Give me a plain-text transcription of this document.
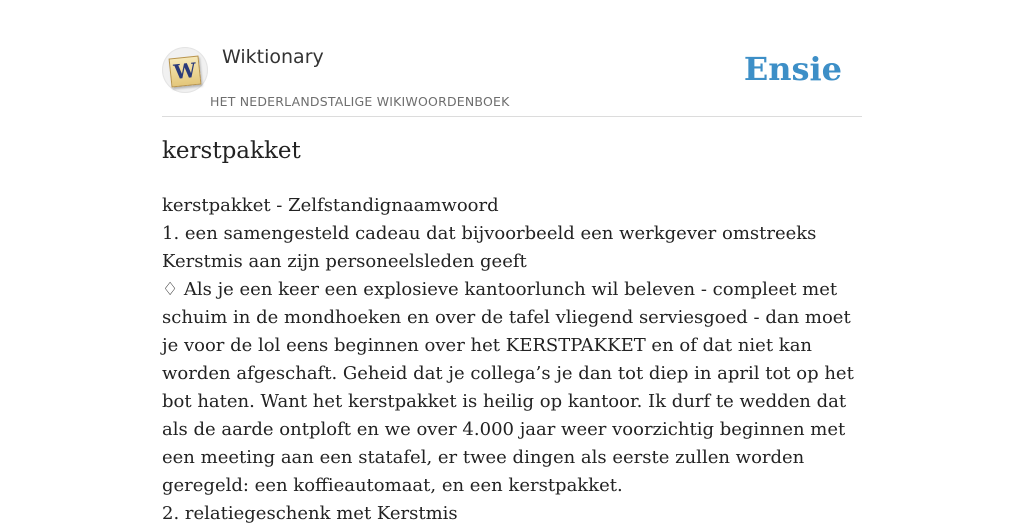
W
Wiktionary
HET NEDERLANDSTALIGE WIKIWOORDENBOEK
Ensie
kerstpakket
kerstpakket - Zelfstandignaamwoord
1. een samengesteld cadeau dat bijvoorbeeld een werkgever omstreeks Kerstmis aan zijn personeelsleden geeft
♢ Als je een keer een explosieve kantoorlunch wil beleven - compleet met schuim in de mondhoeken en over de tafel vliegend serviesgoed - dan moet je voor de lol eens beginnen over het KERSTPAKKET en of dat niet kan worden afgeschaft. Geheid dat je collega’s je dan tot diep in april tot op het bot haten. Want het kerstpakket is heilig op kantoor. Ik durf te wedden dat als de aarde ontploft en we over 4.000 jaar weer voorzichtig beginnen met een meeting aan een statafel, er twee dingen als eerste zullen worden geregeld: een koffieautomaat, en een kerstpakket.
2. relatiegeschenk met Kerstmis
